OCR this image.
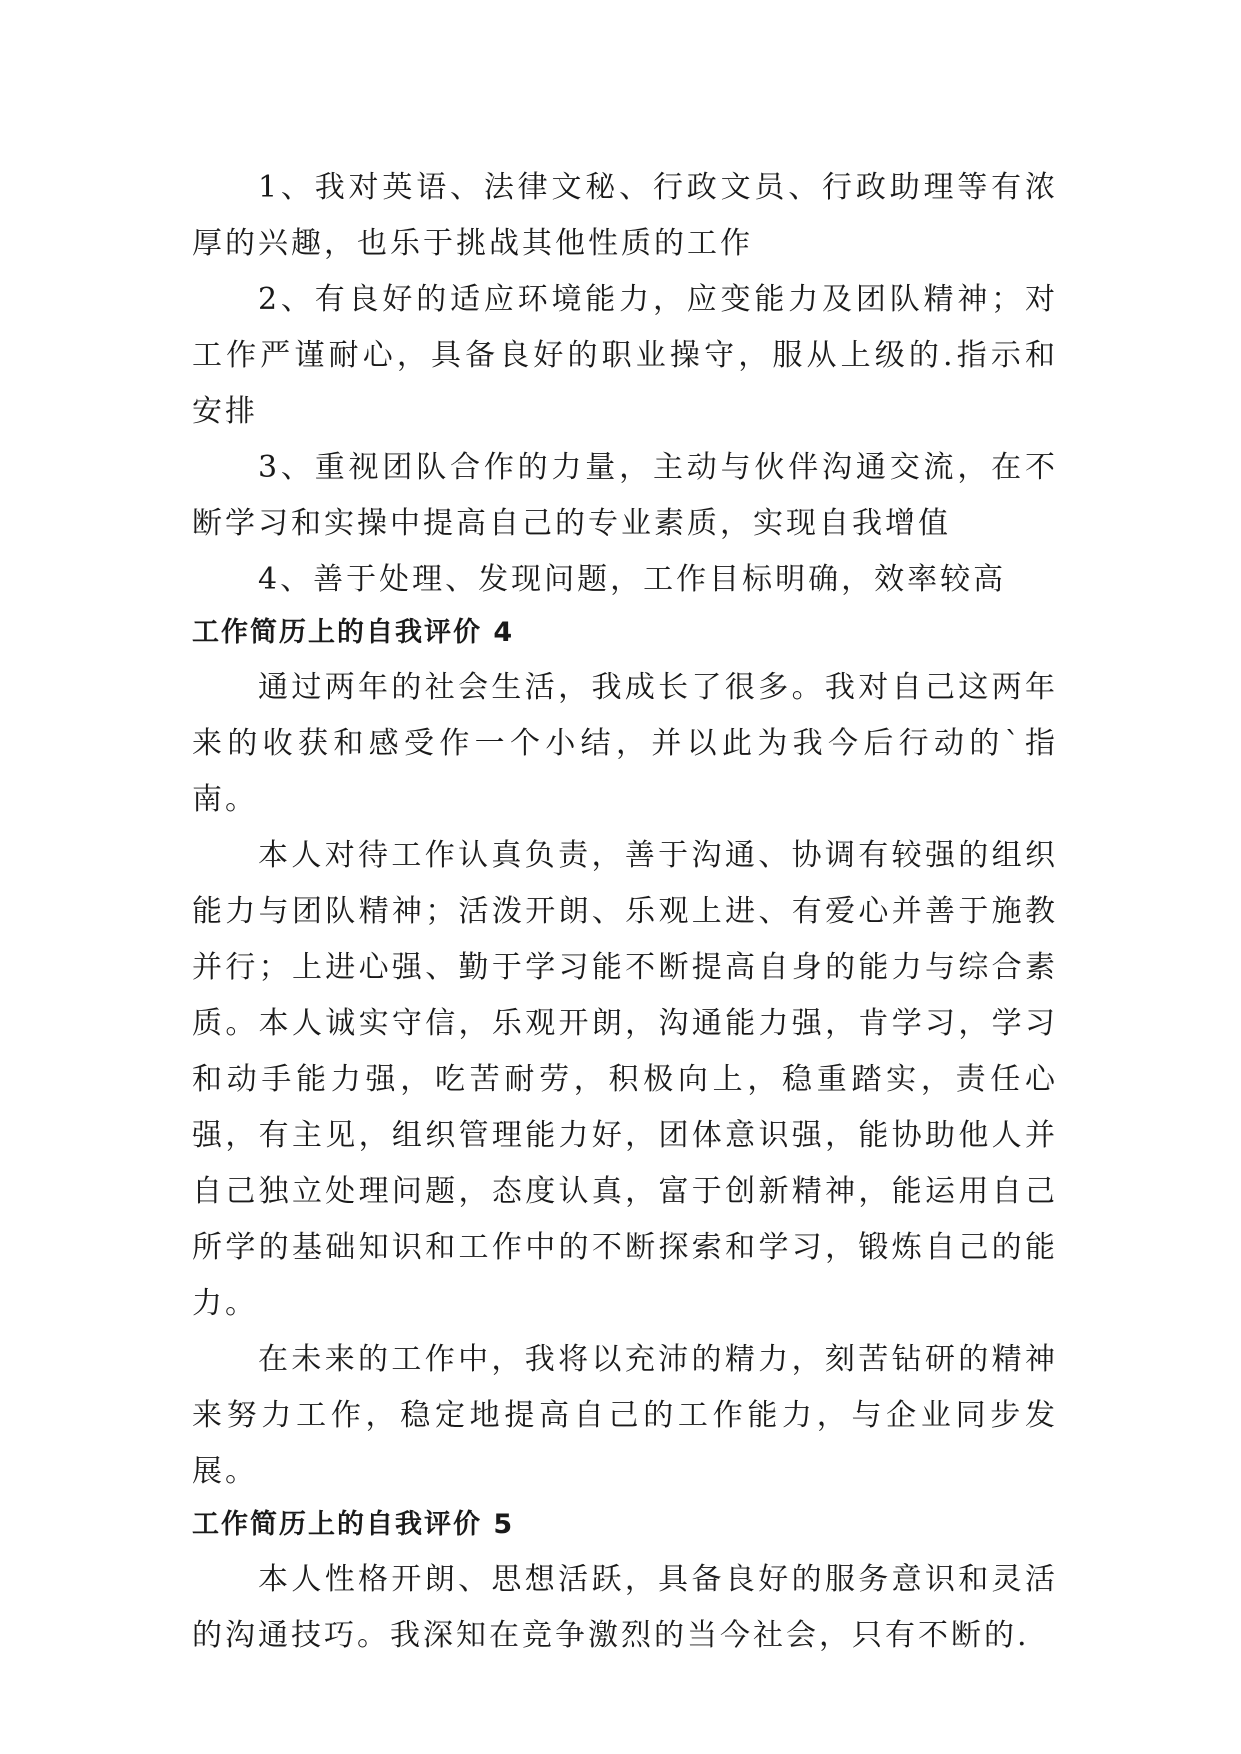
1、我对英语、法律文秘、行政文员、行政助理等有浓厚的兴趣，也乐于挑战其他性质的工作

2、有良好的适应环境能力，应变能力及团队精神；对工作严谨耐心，具备良好的职业操守，服从上级的.指示和安排

3、重视团队合作的力量，主动与伙伴沟通交流，在不断学习和实操中提高自己的专业素质，实现自我增值

4、善于处理、发现问题，工作目标明确，效率较高

工作简历上的自我评价 4

通过两年的社会生活，我成长了很多。我对自己这两年来的收获和感受作一个小结，并以此为我今后行动的`指南。

本人对待工作认真负责，善于沟通、协调有较强的组织能力与团队精神；活泼开朗、乐观上进、有爱心并善于施教并行；上进心强、勤于学习能不断提高自身的能力与综合素质。本人诚实守信，乐观开朗，沟通能力强，肯学习，学习和动手能力强，吃苦耐劳，积极向上，稳重踏实，责任心强，有主见，组织管理能力好，团体意识强，能协助他人并自己独立处理问题，态度认真，富于创新精神，能运用自己所学的基础知识和工作中的不断探索和学习，锻炼自己的能力。

在未来的工作中，我将以充沛的精力，刻苦钻研的精神来努力工作，稳定地提高自己的工作能力，与企业同步发展。

工作简历上的自我评价 5

本人性格开朗、思想活跃，具备良好的服务意识和灵活的沟通技巧。我深知在竞争激烈的当今社会，只有不断的.
